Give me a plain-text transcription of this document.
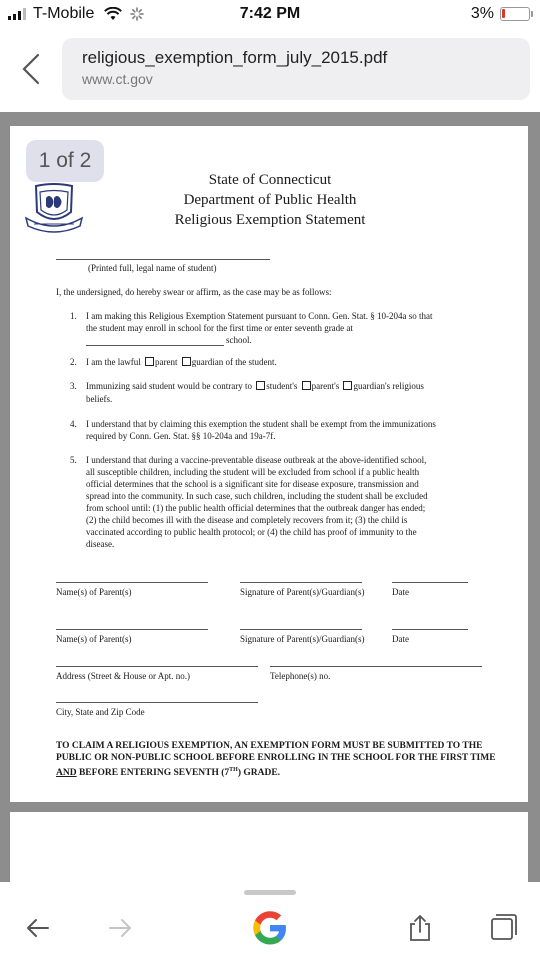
T-Mobile	7:42 PM	3%
religious_exemption_form_july_2015.pdf
www.ct.gov
State of Connecticut
Department of Public Health
Religious Exemption Statement
(Printed full, legal name of student)
I, the undersigned, do hereby swear or affirm, as the case may be as follows:
1. I am making this Religious Exemption Statement pursuant to Conn. Gen. Stat. § 10-204a so that
the student may enroll in school for the first time or enter seventh grade at
school.
2. I am the lawful parent guardian of the student.
3. Immunizing said student would be contrary to student's parent's guardian's religious
beliefs.
4. I understand that by claiming this exemption the student shall be exempt from the immunizations
required by Conn. Gen. Stat. §§ 10-204a and 19a-7f.
5. I understand that during a vaccine-preventable disease outbreak at the above-identified school,
all susceptible children, including the student will be excluded from school if a public health
official determines that the school is a significant site for disease exposure, transmission and
spread into the community. In such case, such children, including the student shall be excluded
from school until: (1) the public health official determines that the outbreak danger has ended;
(2) the child becomes ill with the disease and completely recovers from it; (3) the child is
vaccinated according to public health protocol; or (4) the child has proof of immunity to the
disease.
Name(s) of Parent(s)	Signature of Parent(s)/Guardian(s)	Date
Name(s) of Parent(s)	Signature of Parent(s)/Guardian(s)	Date
Address (Street & House or Apt. no.)	Telephone(s) no.
City, State and Zip Code
TO CLAIM A RELIGIOUS EXEMPTION, AN EXEMPTION FORM MUST BE SUBMITTED TO THE PUBLIC OR NON-PUBLIC SCHOOL BEFORE ENROLLING IN THE SCHOOL FOR THE FIRST TIME AND BEFORE ENTERING SEVENTH (7TH) GRADE.
1 of 2
